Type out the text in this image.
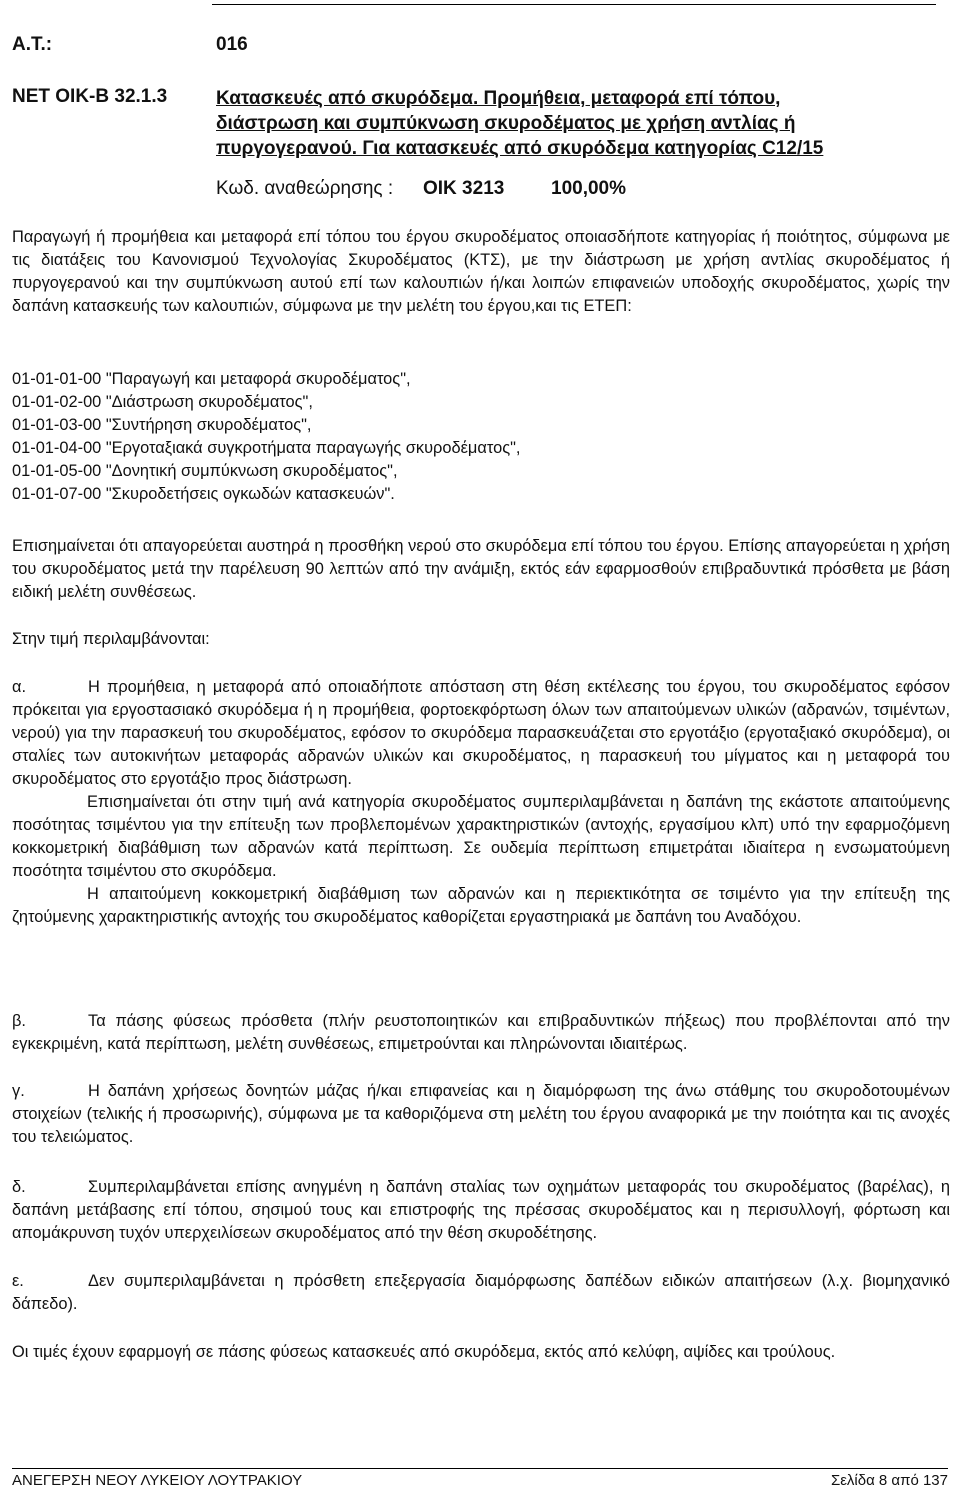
Α.Τ.:	016
ΝΕΤ ΟΙΚ-Β 32.1.3	Κατασκευές από σκυρόδεμα. Προμήθεια, μεταφορά επί τόπου, διάστρωση και συμπύκνωση σκυροδέματος με χρήση αντλίας ή πυργογερανού. Για κατασκευές από σκυρόδεμα κατηγορίας C12/15
Κωδ. αναθεώρησης : ΟΙΚ 3213 100,00%

Παραγωγή ή προμήθεια και μεταφορά επί τόπου του έργου σκυροδέματος οποιασδήποτε κατηγορίας ή ποιότητος, σύμφωνα με τις διατάξεις του Κανονισμού Τεχνολογίας Σκυροδέματος (ΚΤΣ), με την διάστρωση με χρήση αντλίας σκυροδέματος ή πυργογερανού και την συμπύκνωση αυτού επί των καλουπιών ή/και λοιπών επιφανειών υποδοχής σκυροδέματος, χωρίς την δαπάνη κατασκευής των καλουπιών, σύμφωνα με την μελέτη του έργου,και τις ΕΤΕΠ:

01-01-01-00 "Παραγωγή και μεταφορά σκυροδέματος",
01-01-02-00 "Διάστρωση σκυροδέματος",
01-01-03-00 "Συντήρηση σκυροδέματος",
01-01-04-00 "Εργοταξιακά συγκροτήματα παραγωγής σκυροδέματος",
01-01-05-00 "Δονητική συμπύκνωση σκυροδέματος",
01-01-07-00 "Σκυροδετήσεις ογκωδών κατασκευών".

Επισημαίνεται ότι απαγορεύεται αυστηρά η προσθήκη νερού στο σκυρόδεμα επί τόπου του έργου. Επίσης απαγορεύεται η χρήση του σκυροδέματος μετά την παρέλευση 90 λεπτών από την ανάμιξη, εκτός εάν εφαρμοσθούν επιβραδυντικά πρόσθετα με βάση ειδική μελέτη συνθέσεως.

Στην τιμή περιλαμβάνονται:

α.	Η προμήθεια, η μεταφορά από οποιαδήποτε απόσταση στη θέση εκτέλεσης του έργου, του σκυροδέματος εφόσον πρόκειται για εργοστασιακό σκυρόδεμα ή η προμήθεια, φορτοεκφόρτωση όλων των απαιτούμενων υλικών (αδρανών, τσιμέντων, νερού) για την παρασκευή του σκυροδέματος, εφόσον το σκυρόδεμα παρασκευάζεται στο εργοτάξιο (εργοταξιακό σκυρόδεμα), οι σταλίες των αυτοκινήτων μεταφοράς αδρανών υλικών και σκυροδέματος, η παρασκευή του μίγματος και η μεταφορά του σκυροδέματος στο εργοτάξιο προς διάστρωση.

Επισημαίνεται ότι στην τιμή ανά κατηγορία σκυροδέματος συμπεριλαμβάνεται η δαπάνη της εκάστοτε απαιτούμενης ποσότητας τσιμέντου για την επίτευξη των προβλεπομένων χαρακτηριστικών (αντοχής, εργασίμου κλπ) υπό την εφαρμοζόμενη κοκκομετρική διαβάθμιση των αδρανών κατά περίπτωση. Σε ουδεμία περίπτωση επιμετράται ιδιαίτερα η ενσωματούμενη ποσότητα τσιμέντου στο σκυρόδεμα.

Η απαιτούμενη κοκκομετρική διαβάθμιση των αδρανών και η περιεκτικότητα σε τσιμέντο για την επίτευξη της ζητούμενης χαρακτηριστικής αντοχής του σκυροδέματος καθορίζεται εργαστηριακά με δαπάνη του Αναδόχου.

β.	Τα πάσης φύσεως πρόσθετα (πλήν ρευστοποιητικών και επιβραδυντικών πήξεως) που προβλέπονται από την εγκεκριμένη, κατά περίπτωση, μελέτη συνθέσεως, επιμετρούνται και πληρώνονται ιδιαιτέρως.

γ.	Η δαπάνη χρήσεως δονητών μάζας ή/και επιφανείας και η διαμόρφωση της άνω στάθμης του σκυροδοτουμένων στοιχείων (τελικής ή προσωρινής), σύμφωνα με τα καθοριζόμενα στη μελέτη του έργου αναφορικά με την ποιότητα και τις ανοχές του τελειώματος.

δ.	Συμπεριλαμβάνεται επίσης ανηγμένη η δαπάνη σταλίας των οχημάτων μεταφοράς του σκυροδέματος (βαρέλας), η δαπάνη μετάβασης επί τόπου, σησιμού τους και επιστροφής της πρέσσας σκυροδέματος και η περισυλλογή, φόρτωση και απομάκρυνση τυχόν υπερχειλίσεων σκυροδέματος από την θέση σκυροδέτησης.

ε.	Δεν συμπεριλαμβάνεται η πρόσθετη επεξεργασία διαμόρφωσης δαπέδων ειδικών απαιτήσεων (λ.χ. βιομηχανικό δάπεδο).

Οι τιμές έχουν εφαρμογή σε πάσης φύσεως κατασκευές από σκυρόδεμα, εκτός από κελύφη, αψίδες και τρούλους.

ΑΝΕΓΕΡΣΗ ΝΕΟΥ ΛΥΚΕΙΟΥ ΛΟΥΤΡΑΚΙΟΥ	Σελίδα 8 από 137
